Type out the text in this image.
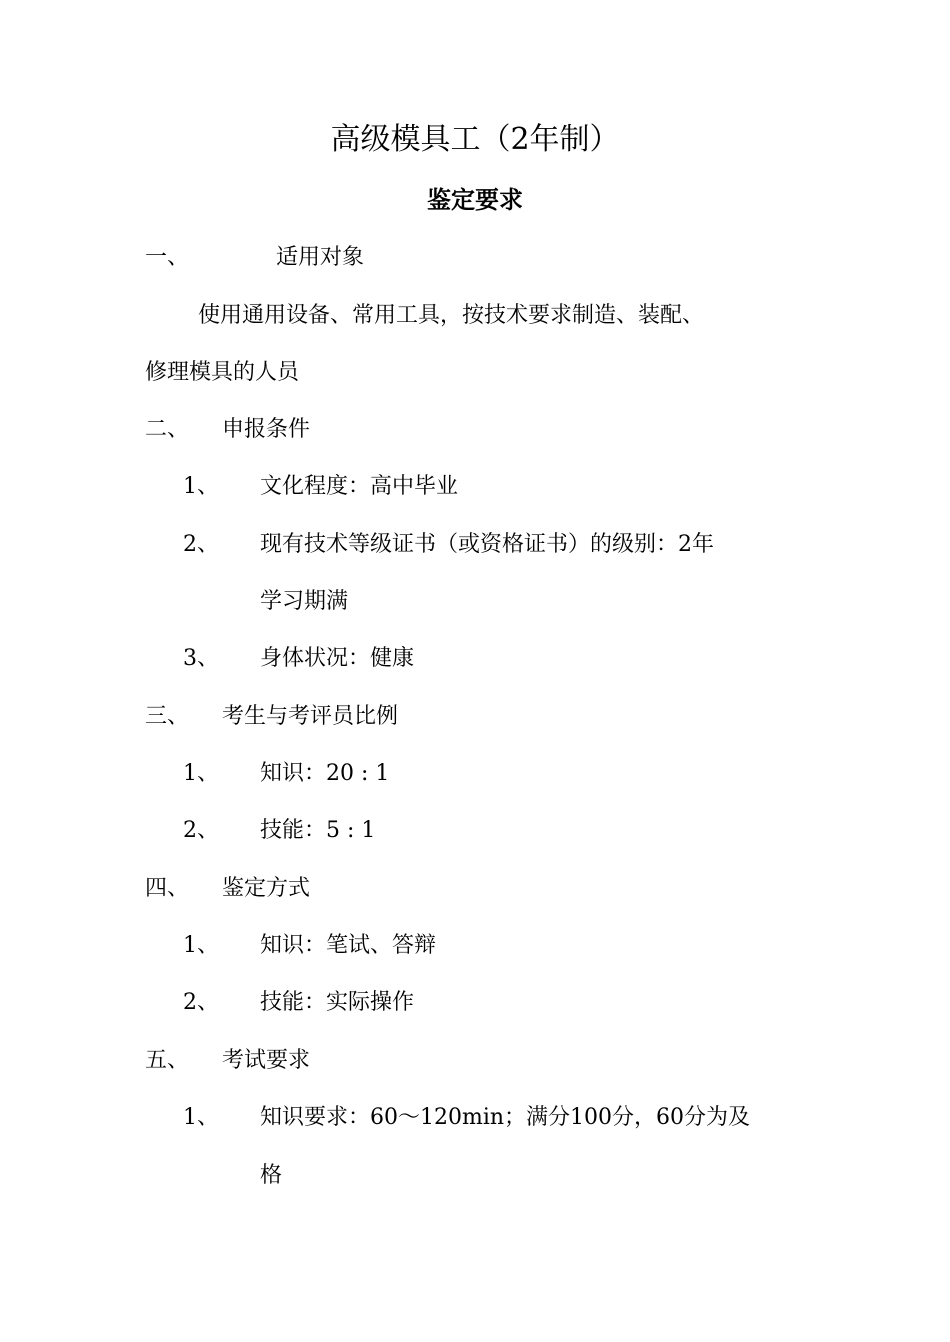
高级模具工（2年制）
鉴定要求
一、	适用对象
使用通用设备、常用工具，按技术要求制造、装配、
修理模具的人员
二、 申报条件
1、 文化程度：高中毕业
2、 现有技术等级证书（或资格证书）的级别：2年
学习期满
3、 身体状况：健康
三、 考生与考评员比例
1、 知识：20 : 1
2、 技能：5 : 1
四、 鉴定方式
1、 知识：笔试、答辩
2、 技能：实际操作
五、 考试要求
1、 知识要求：60～120min；满分100分，60分为及
格
